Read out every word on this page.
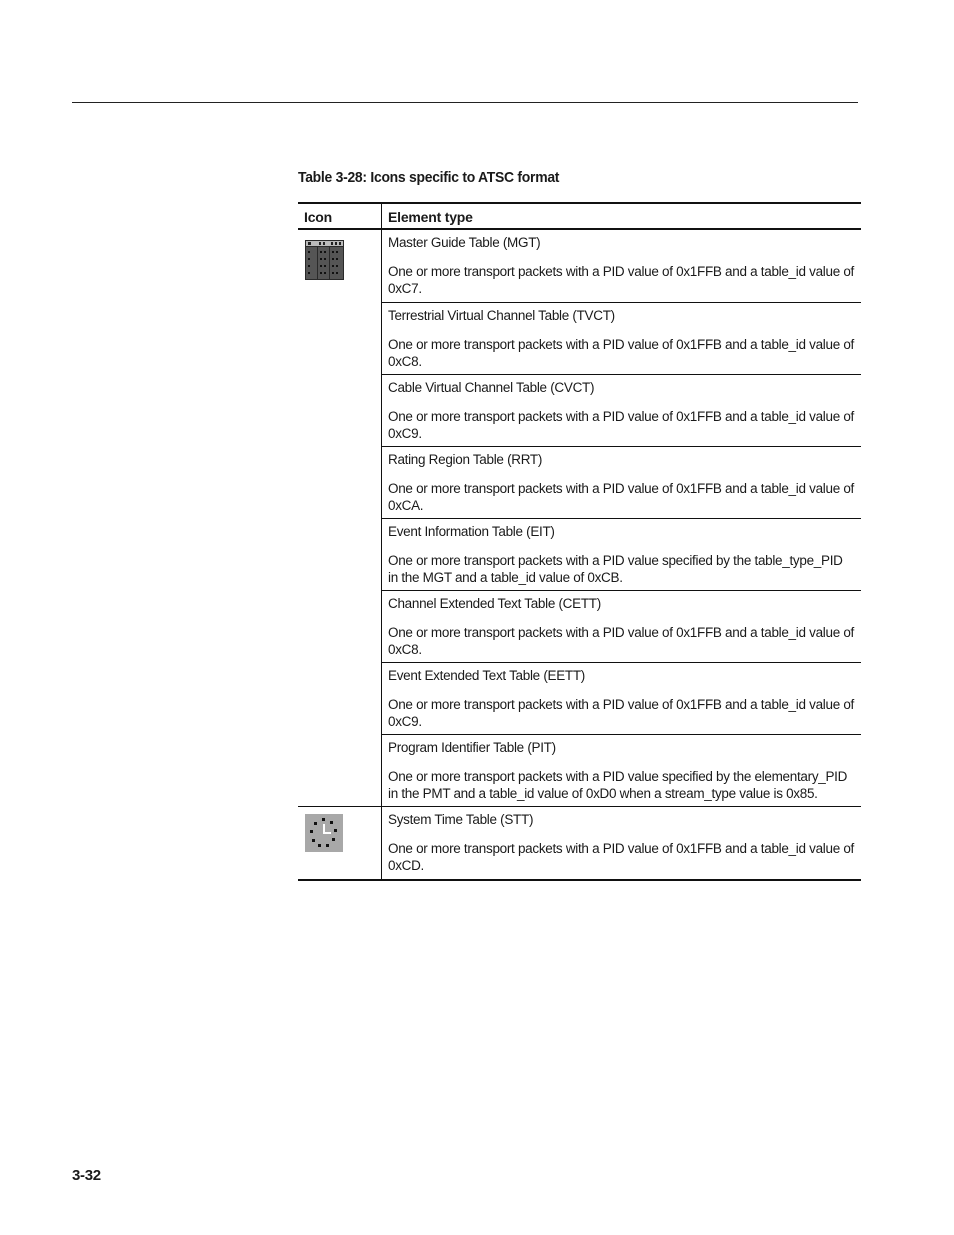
Table 3-28: Icons specific to ATSC format
Icon	Element type
Master Guide Table (MGT)
One or more transport packets with a PID value of 0x1FFB and a table_id value of 0xC7.
Terrestrial Virtual Channel Table (TVCT)
One or more transport packets with a PID value of 0x1FFB and a table_id value of 0xC8.
Cable Virtual Channel Table (CVCT)
One or more transport packets with a PID value of 0x1FFB and a table_id value of 0xC9.
Rating Region Table (RRT)
One or more transport packets with a PID value of 0x1FFB and a table_id value of 0xCA.
Event Information Table (EIT)
One or more transport packets with a PID value specified by the table_type_PID in the MGT and a table_id value of 0xCB.
Channel Extended Text Table (CETT)
One or more transport packets with a PID value of 0x1FFB and a table_id value of 0xC8.
Event Extended Text Table (EETT)
One or more transport packets with a PID value of 0x1FFB and a table_id value of 0xC9.
Program Identifier Table (PIT)
One or more transport packets with a PID value specified by the elementary_PID in the PMT and a table_id value of 0xD0 when a stream_type value is 0x85.
System Time Table (STT)
One or more transport packets with a PID value of 0x1FFB and a table_id value of 0xCD.
3-32
